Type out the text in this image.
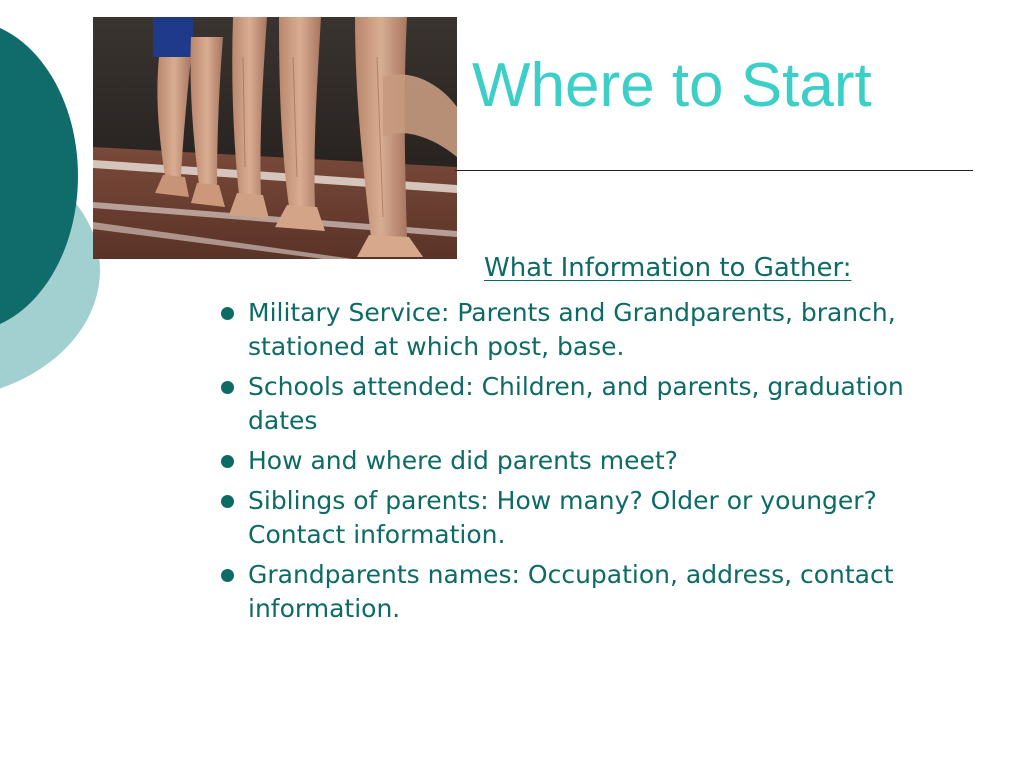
Where to Start
What Information to Gather:
Military Service: Parents and Grandparents, branch, stationed at which post, base.
Schools attended: Children, and parents, graduation dates
How and where did parents meet?
Siblings of parents: How many? Older or younger? Contact information.
Grandparents names: Occupation, address, contact information.
